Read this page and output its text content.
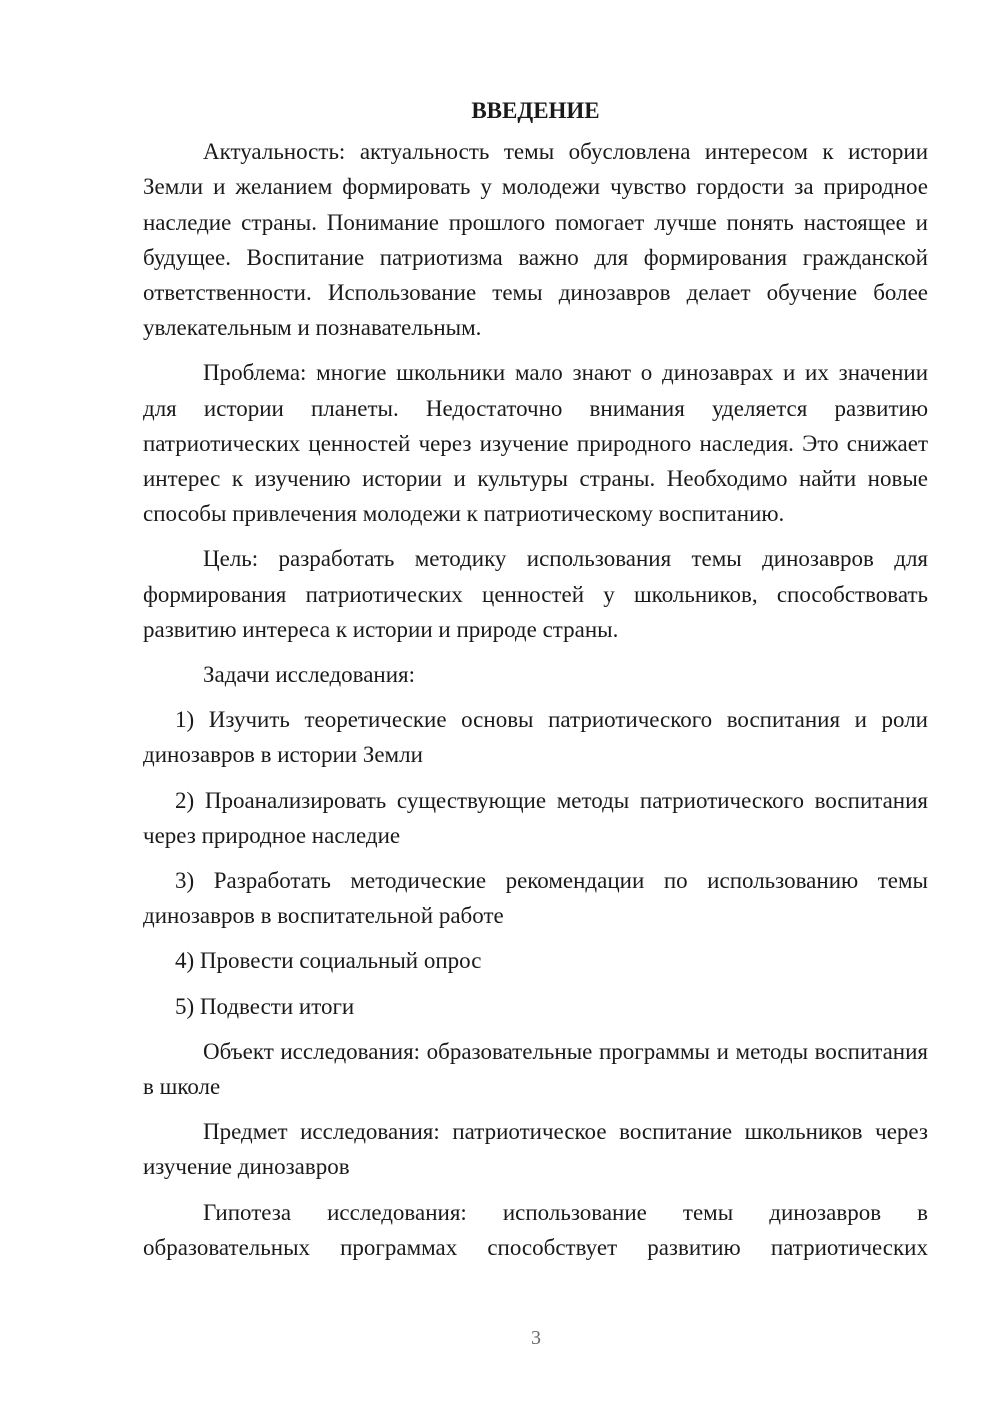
ВВЕДЕНИЕ

Актуальность: актуальность темы обусловлена интересом к истории Земли и желанием формировать у молодежи чувство гордости за природное наследие страны. Понимание прошлого помогает лучше понять настоящее и будущее. Воспитание патриотизма важно для формирования гражданской ответственности. Использование темы динозавров делает обучение более увлекательным и познавательным.

Проблема: многие школьники мало знают о динозаврах и их значении для истории планеты. Недостаточно внимания уделяется развитию патриотических ценностей через изучение природного наследия. Это снижает интерес к изучению истории и культуры страны. Необходимо найти новые способы привлечения молодежи к патриотическому воспитанию.

Цель: разработать методику использования темы динозавров для формирования патриотических ценностей у школьников, способствовать развитию интереса к истории и природе страны.

Задачи исследования:

1) Изучить теоретические основы патриотического воспитания и роли динозавров в истории Земли

2) Проанализировать существующие методы патриотического воспитания через природное наследие

3) Разработать методические рекомендации по использованию темы динозавров в воспитательной работе

4) Провести социальный опрос

5) Подвести итоги

Объект исследования: образовательные программы и методы воспитания в школе

Предмет исследования: патриотическое воспитание школьников через изучение динозавров

Гипотеза исследования: использование темы динозавров в образовательных программах способствует развитию патриотических

3
